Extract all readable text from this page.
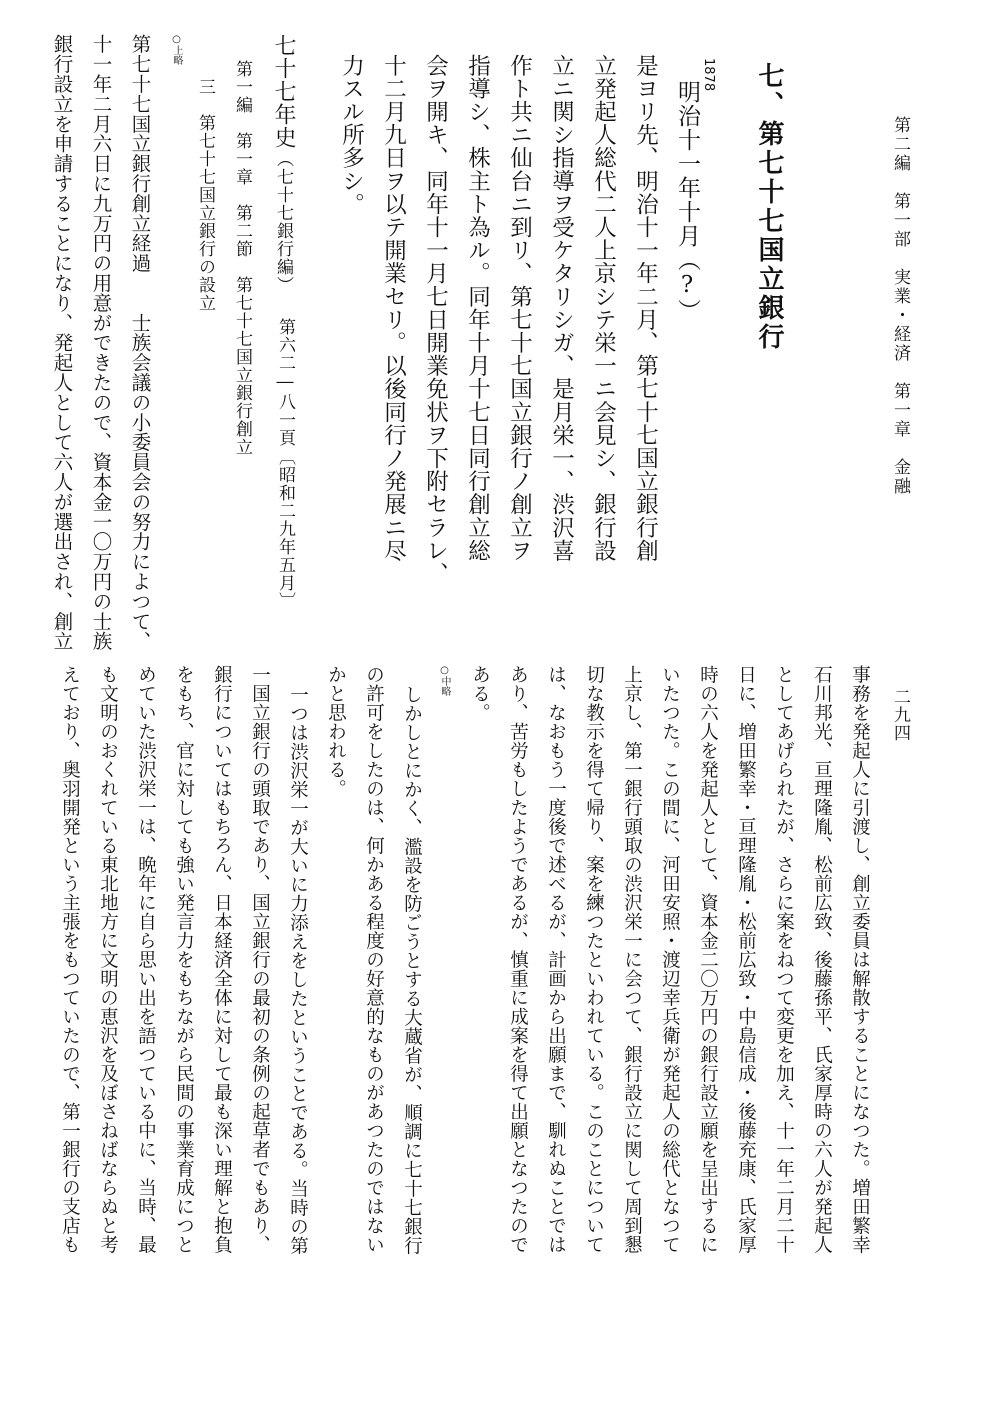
第二編　第一部　実業・経済　第一章　金融
二九四
七、第七十七国立銀行
明治十一年十月（?）
1878
是ヨリ先、明治十一年二月、第七十七国立銀行創
立発起人総代二人上京シテ栄一ニ会見シ、銀行設
立ニ関シ指導ヲ受ケタリシガ、是月栄一、渋沢喜
作ト共ニ仙台ニ到リ、第七十七国立銀行ノ創立ヲ
指導シ、株主ト為ル。同年十月十七日同行創立総
会ヲ開キ、同年十一月七日開業免状ヲ下附セラレ、
十二月九日ヲ以テ開業セリ。以後同行ノ発展ニ尽
力スル所多シ。
七十七年史
（七十七銀行編）
第六二―八一頁
〔昭和二九年五月〕
第一編　第一章　第二節　第七十七国立銀行創立
三　第七十七国立銀行の設立
○上略
第七十七国立銀行創立経過　　士族会議の小委員会の努力によつて、
十一年二月六日に九万円の用意ができたので、資本金一〇万円の士族
銀行設立を申請することになり、発起人として六人が選出され、創立
事務を発起人に引渡し、創立委員は解散することになつた。増田繁幸
石川邦光、亘理隆胤、松前広致、後藤孫平、氏家厚時の六人が発起人
としてあげられたが、さらに案をねつて変更を加え、十一年二月二十
日に、増田繁幸・亘理隆胤・松前広致・中島信成・後藤充康、氏家厚
時の六人を発起人として、資本金二〇万円の銀行設立願を呈出するに
いたつた。この間に、河田安照・渡辺幸兵衛が発起人の総代となつて
上京し、第一銀行頭取の渋沢栄一に会つて、銀行設立に関して周到懇
切な教示を得て帰り、案を練つたといわれている。このことについて
は、なおもう一度後で述べるが、計画から出願まで、馴れぬことでは
あり、苦労もしたようであるが、慎重に成案を得て出願となつたので
ある。
○中略
しかしとにかく、濫設を防ごうとする大蔵省が、順調に七十七銀行
の許可をしたのは、何かある程度の好意的なものがあつたのではない
かと思われる。
一つは渋沢栄一が大いに力添えをしたということである。当時の第
一国立銀行の頭取であり、国立銀行の最初の条例の起草者でもあり、
銀行についてはもちろん、日本経済全体に対して最も深い理解と抱負
をもち、官に対しても強い発言力をもちながら民間の事業育成につと
めていた渋沢栄一は、晩年に自ら思い出を語つている中に、当時、最
も文明のおくれている東北地方に文明の恵沢を及ぼさねばならぬと考
えており、奥羽開発という主張をもつていたので、第一銀行の支店も
